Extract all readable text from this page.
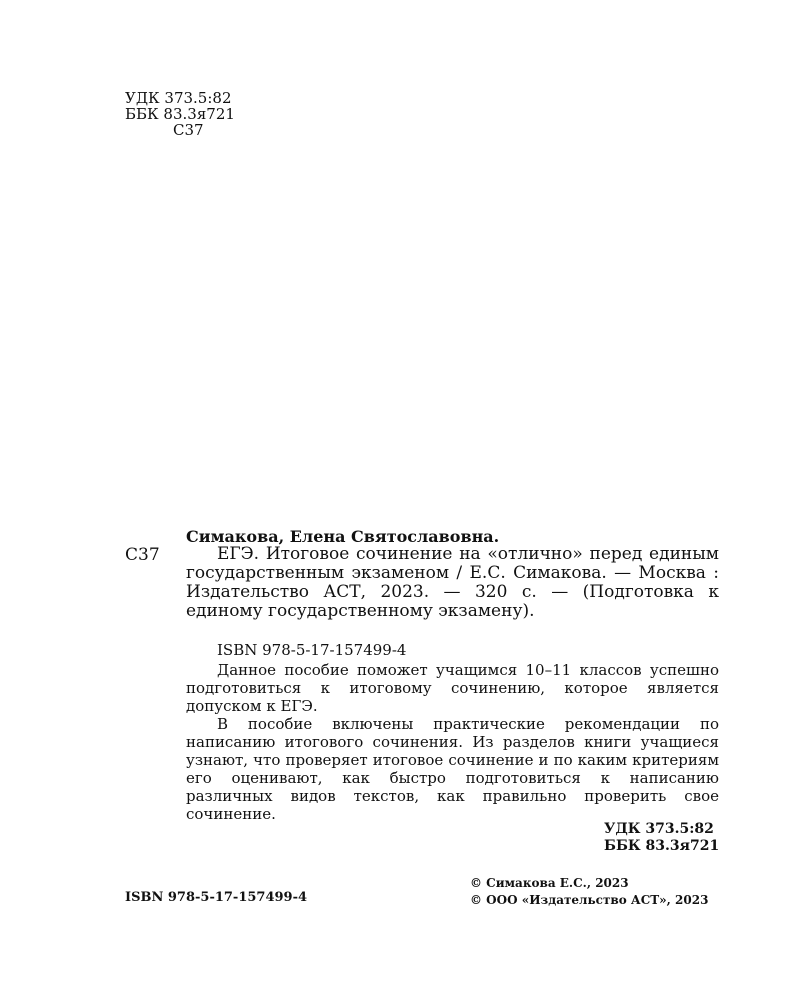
УДК 373.5:82
ББК 83.3я721
С37
Симакова, Елена Святославовна.
С37	ЕГЭ. Итоговое сочинение на «отлично» перед единым государственным экзаменом / Е.С. Симакова. — Москва : Издательство АСТ, 2023. — 320 с. — (Подготовка к единому государственному экзамену).
ISBN 978-5-17-157499-4

Данное пособие поможет учащимся 10–11 классов успешно подготовиться к итоговому сочинению, которое является допуском к ЕГЭ.

В пособие включены практические рекомендации по написанию итогового сочинения. Из разделов книги учащиеся узнают, что проверяет итоговое сочинение и по каким критериям его оценивают, как быстро подготовиться к написанию различных видов текстов, как правильно проверить свое сочинение.

УДК 373.5:82
ББК 83.3я721
ISBN 978-5-17-157499-4
© Симакова Е.С., 2023
© ООО «Издательство АСТ», 2023
